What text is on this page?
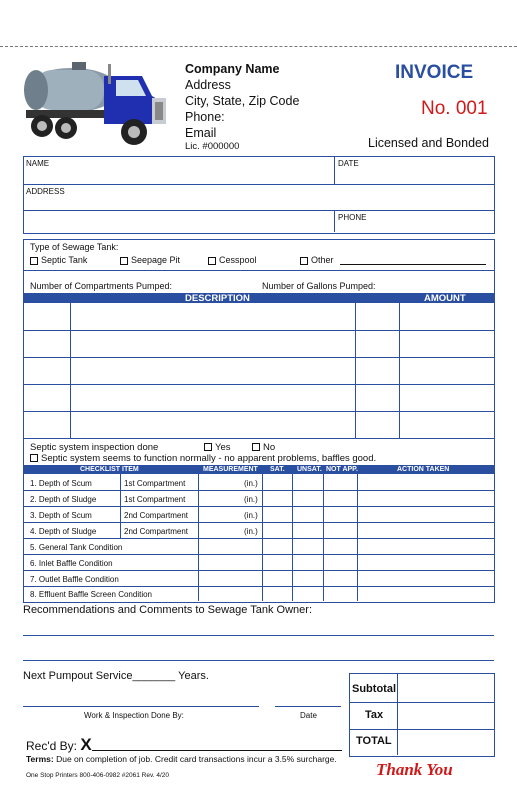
Company Name
Address
City, State, Zip Code
Phone:
Email
Lic. #000000
INVOICE
No. 001
Licensed and Bonded
NAME	DATE
ADDRESS
PHONE
Type of Sewage Tank:
Septic Tank	Seepage Pit	Cesspool	Other
Number of Compartments Pumped:	Number of Gallons Pumped:
DESCRIPTION	AMOUNT
Septic system inspection done	Yes	No
Septic system seems to function normally - no apparent problems, baffles good.
CHECKLIST ITEM	MEASUREMENT SAT. UNSAT. NOT APP.	ACTION TAKEN
1. Depth of Scum	1st Compartment	(in.)
2. Depth of Sludge	1st Compartment	(in.)
3. Depth of Scum	2nd Compartment	(in.)
4. Depth of Sludge	2nd Compartment	(in.)
5. General Tank Condition
6. Inlet Baffle Condition
7. Outlet Baffle Condition
8. Effluent Baffle Screen Condition
Recommendations and Comments to Sewage Tank Owner:
Next Pumpout Service_______ Years.
Work & Inspection Done By:	Date
Rec'd By: X
Terms: Due on completion of job. Credit card transactions incur a 3.5% surcharge.
One Stop Printers 800-406-0982 #2061 Rev. 4/20
Subtotal
Tax
TOTAL
Thank You
